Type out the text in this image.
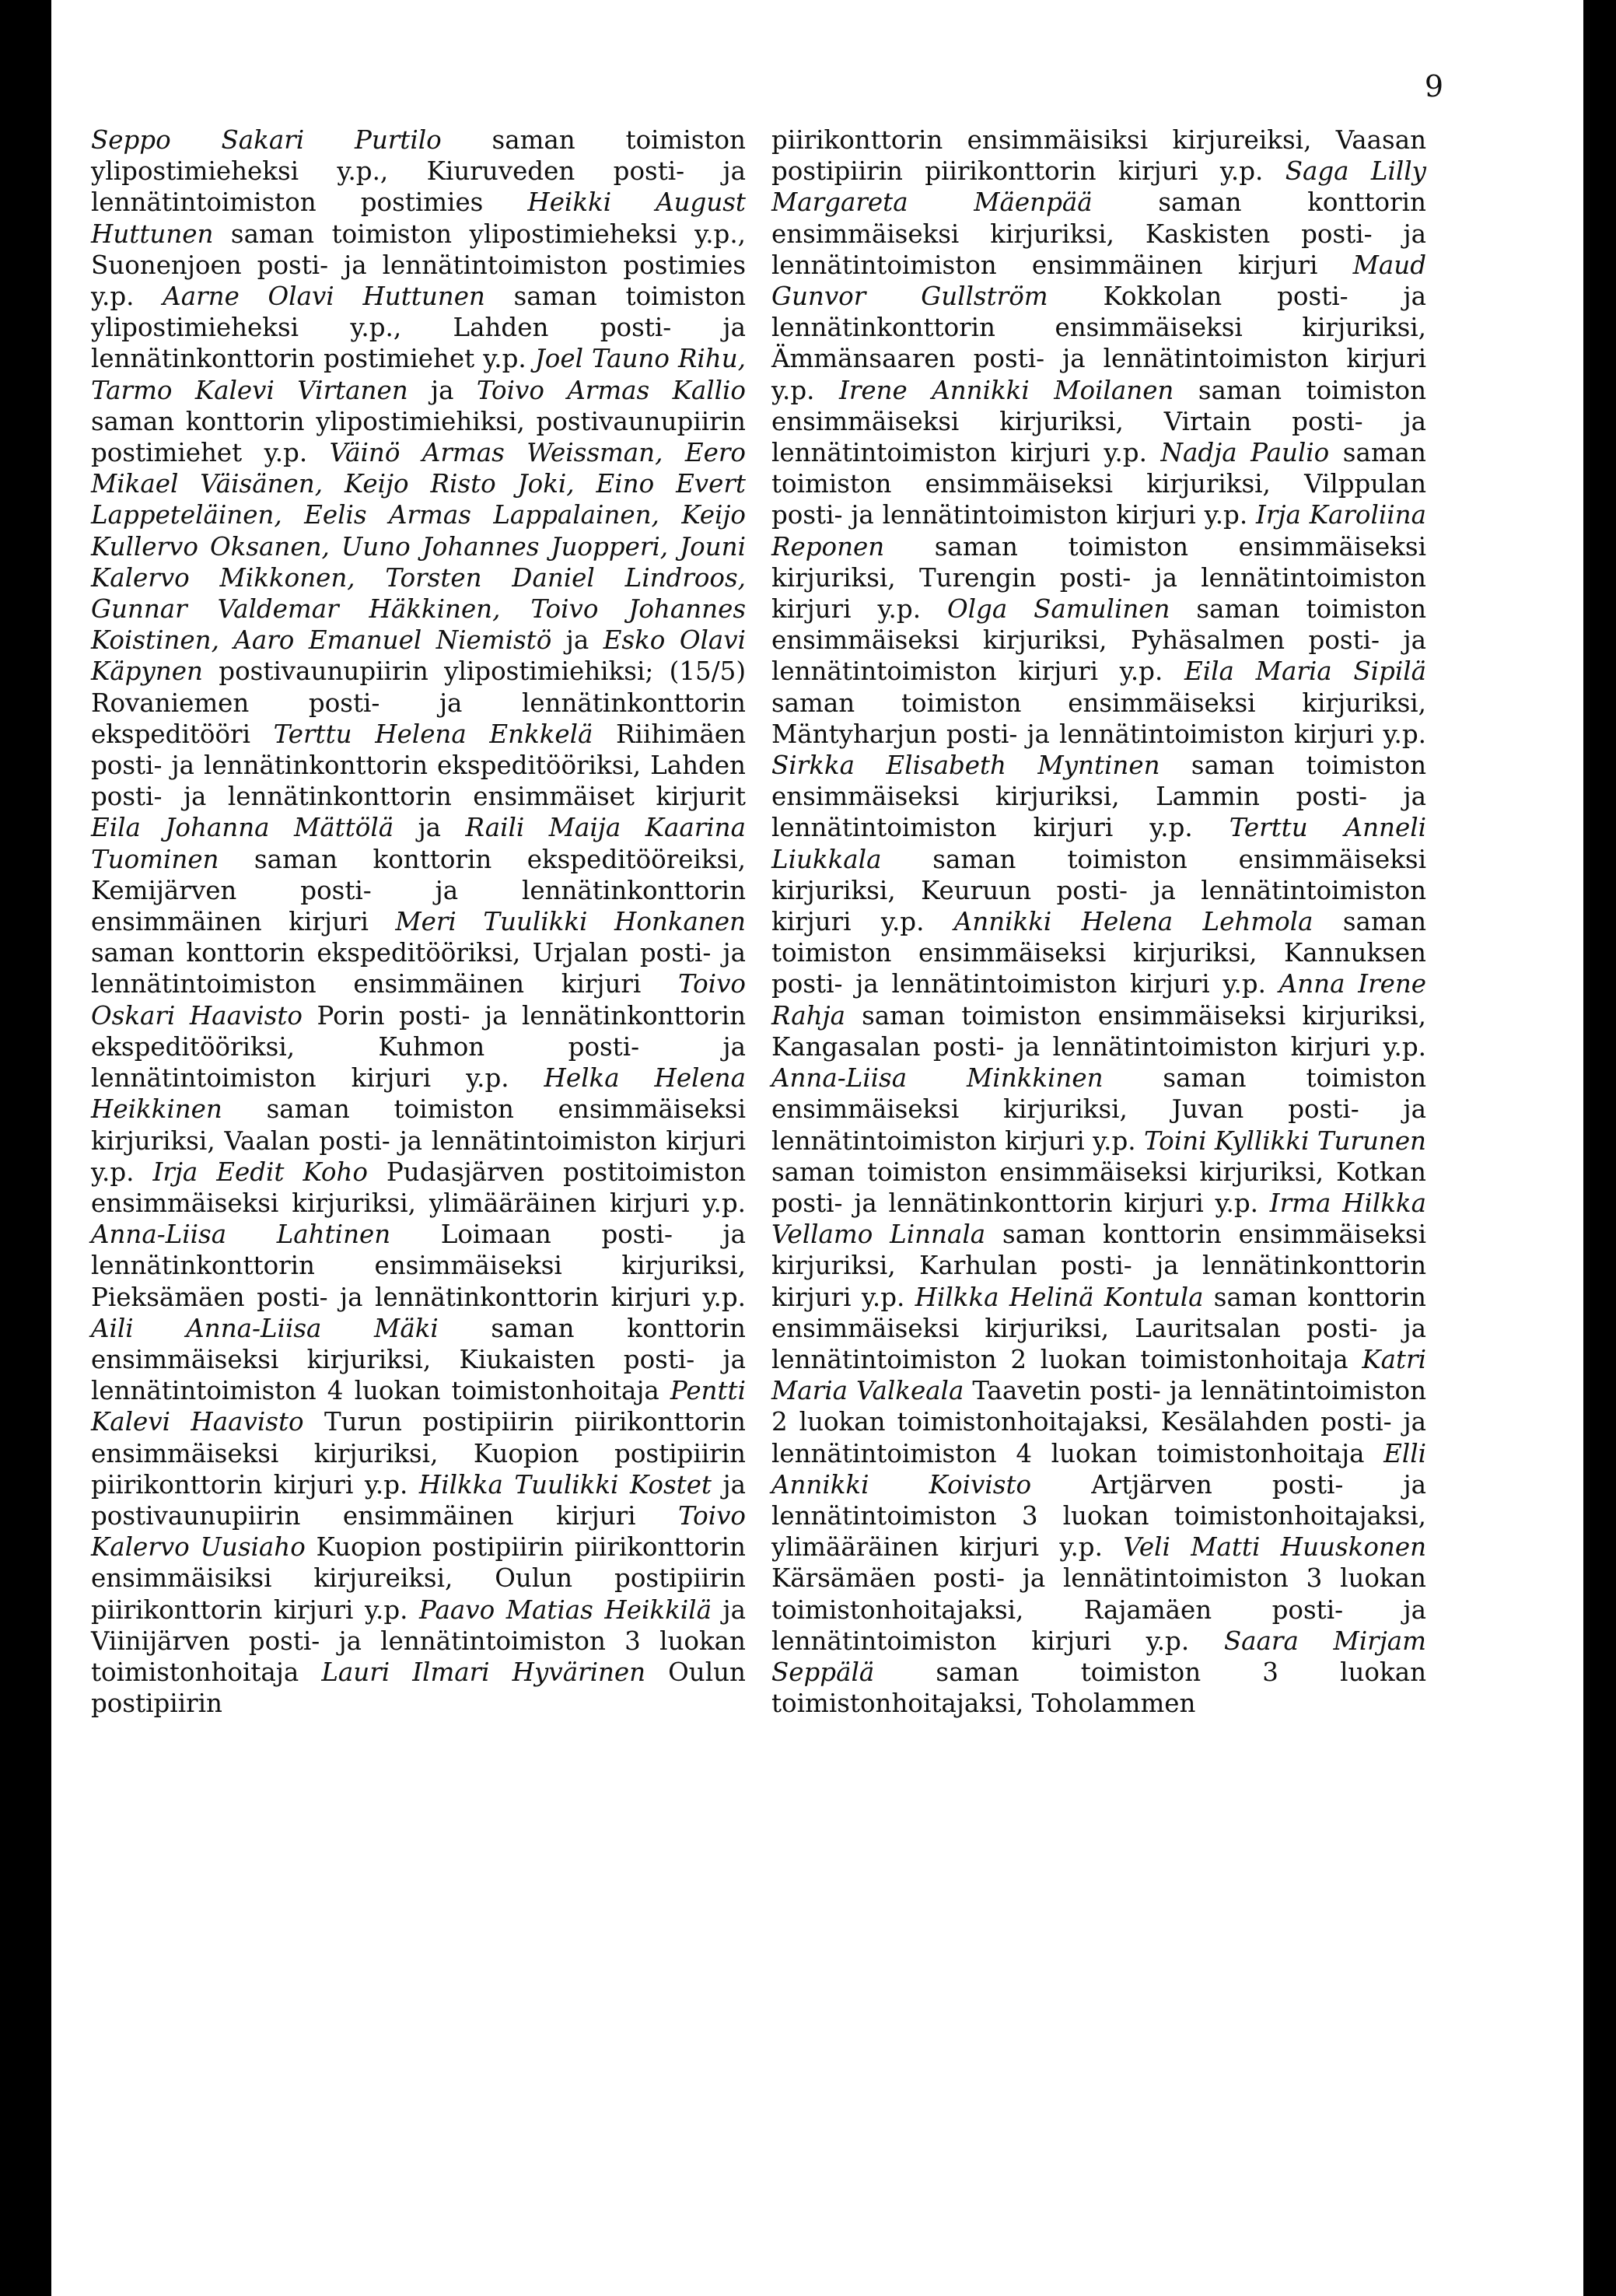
9

Seppo Sakari Purtilo saman toimiston ylipostimieheksi y.p., Kiuruveden posti- ja lennätintoimiston postimies Heikki August Huttunen saman toimiston ylipostimieheksi y.p., Suonenjoen posti- ja lennätintoimiston postimies y.p. Aarne Olavi Huttunen saman toimiston ylipostimieheksi y.p., Lahden posti- ja lennätinkonttorin postimiehet y.p. Joel Tauno Rihu, Tarmo Kalevi Virtanen ja Toivo Armas Kallio saman konttorin ylipostimiehiksi, postivaunupiirin postimiehet y.p. Väinö Armas Weissman, Eero Mikael Väisänen, Keijo Risto Joki, Eino Evert Lappeteläinen, Eelis Armas Lappalainen, Keijo Kullervo Oksanen, Uuno Johannes Juopperi, Jouni Kalervo Mikkonen, Torsten Daniel Lindroos, Gunnar Valdemar Häkkinen, Toivo Johannes Koistinen, Aaro Emanuel Niemistö ja Esko Olavi Käpynen postivaunupiirin ylipostimiehiksi; (15/5) Rovaniemen posti- ja lennätinkonttorin ekspeditööri Terttu Helena Enkkelä Riihimäen posti- ja lennätinkonttorin ekspeditööriksi, Lahden posti- ja lennätinkonttorin ensimmäiset kirjurit Eila Johanna Mättölä ja Raili Maija Kaarina Tuominen saman konttorin ekspeditööreiksi, Kemijärven posti- ja lennätinkonttorin ensimmäinen kirjuri Meri Tuulikki Honkanen saman konttorin ekspeditööriksi, Urjalan posti- ja lennätintoimiston ensimmäinen kirjuri Toivo Oskari Haavisto Porin posti- ja lennätinkonttorin ekspeditööriksi, Kuhmon posti- ja lennätintoimiston kirjuri y.p. Helka Helena Heikkinen saman toimiston ensimmäiseksi kirjuriksi, Vaalan posti- ja lennätintoimiston kirjuri y.p. Irja Eedit Koho Pudasjärven postitoimiston ensimmäiseksi kirjuriksi, ylimääräinen kirjuri y.p. Anna-Liisa Lahtinen Loimaan posti- ja lennätinkonttorin ensimmäiseksi kirjuriksi, Pieksämäen posti- ja lennätinkonttorin kirjuri y.p. Aili Anna-Liisa Mäki saman konttorin ensimmäiseksi kirjuriksi, Kiukaisten posti- ja lennätintoimiston 4 luokan toimistonhoitaja Pentti Kalevi Haavisto Turun postipiirin piirikonttorin ensimmäiseksi kirjuriksi, Kuopion postipiirin piirikonttorin kirjuri y.p. Hilkka Tuulikki Kostet ja postivaunupiirin ensimmäinen kirjuri Toivo Kalervo Uusiaho Kuopion postipiirin piirikonttorin ensimmäisiksi kirjureiksi, Oulun postipiirin piirikonttorin kirjuri y.p. Paavo Matias Heikkilä ja Viinijärven posti- ja lennätintoimiston 3 luokan toimistonhoitaja Lauri Ilmari Hyvärinen Oulun postipiirin

piirikonttorin ensimmäisiksi kirjureiksi, Vaasan postipiirin piirikonttorin kirjuri y.p. Saga Lilly Margareta Mäenpää saman konttorin ensimmäiseksi kirjuriksi, Kaskisten posti- ja lennätintoimiston ensimmäinen kirjuri Maud Gunvor Gullström Kokkolan posti- ja lennätinkonttorin ensimmäiseksi kirjuriksi, Ämmänsaaren posti- ja lennätintoimiston kirjuri y.p. Irene Annikki Moilanen saman toimiston ensimmäiseksi kirjuriksi, Virtain posti- ja lennätintoimiston kirjuri y.p. Nadja Paulio saman toimiston ensimmäiseksi kirjuriksi, Vilppulan posti- ja lennätintoimiston kirjuri y.p. Irja Karoliina Reponen saman toimiston ensimmäiseksi kirjuriksi, Turengin posti- ja lennätintoimiston kirjuri y.p. Olga Samulinen saman toimiston ensimmäiseksi kirjuriksi, Pyhäsalmen posti- ja lennätintoimiston kirjuri y.p. Eila Maria Sipilä saman toimiston ensimmäiseksi kirjuriksi, Mäntyharjun posti- ja lennätintoimiston kirjuri y.p. Sirkka Elisabeth Myntinen saman toimiston ensimmäiseksi kirjuriksi, Lammin posti- ja lennätintoimiston kirjuri y.p. Terttu Anneli Liukkala saman toimiston ensimmäiseksi kirjuriksi, Keuruun posti- ja lennätintoimiston kirjuri y.p. Annikki Helena Lehmola saman toimiston ensimmäiseksi kirjuriksi, Kannuksen posti- ja lennätintoimiston kirjuri y.p. Anna Irene Rahja saman toimiston ensimmäiseksi kirjuriksi, Kangasalan posti- ja lennätintoimiston kirjuri y.p. Anna-Liisa Minkkinen saman toimiston ensimmäiseksi kirjuriksi, Juvan posti- ja lennätintoimiston kirjuri y.p. Toini Kyllikki Turunen saman toimiston ensimmäiseksi kirjuriksi, Kotkan posti- ja lennätinkonttorin kirjuri y.p. Irma Hilkka Vellamo Linnala saman konttorin ensimmäiseksi kirjuriksi, Karhulan posti- ja lennätinkonttorin kirjuri y.p. Hilkka Helinä Kontula saman konttorin ensimmäiseksi kirjuriksi, Lauritsalan posti- ja lennätintoimiston 2 luokan toimistonhoitaja Katri Maria Valkeala Taavetin posti- ja lennätintoimiston 2 luokan toimistonhoitajaksi, Kesälahden posti- ja lennätintoimiston 4 luokan toimistonhoitaja Elli Annikki Koivisto Artjärven posti- ja lennätintoimiston 3 luokan toimistonhoitajaksi, ylimääräinen kirjuri y.p. Veli Matti Huuskonen Kärsämäen posti- ja lennätintoimiston 3 luokan toimistonhoitajaksi, Rajamäen posti- ja lennätintoimiston kirjuri y.p. Saara Mirjam Seppälä saman toimiston 3 luokan toimistonhoitajaksi, Toholammen
